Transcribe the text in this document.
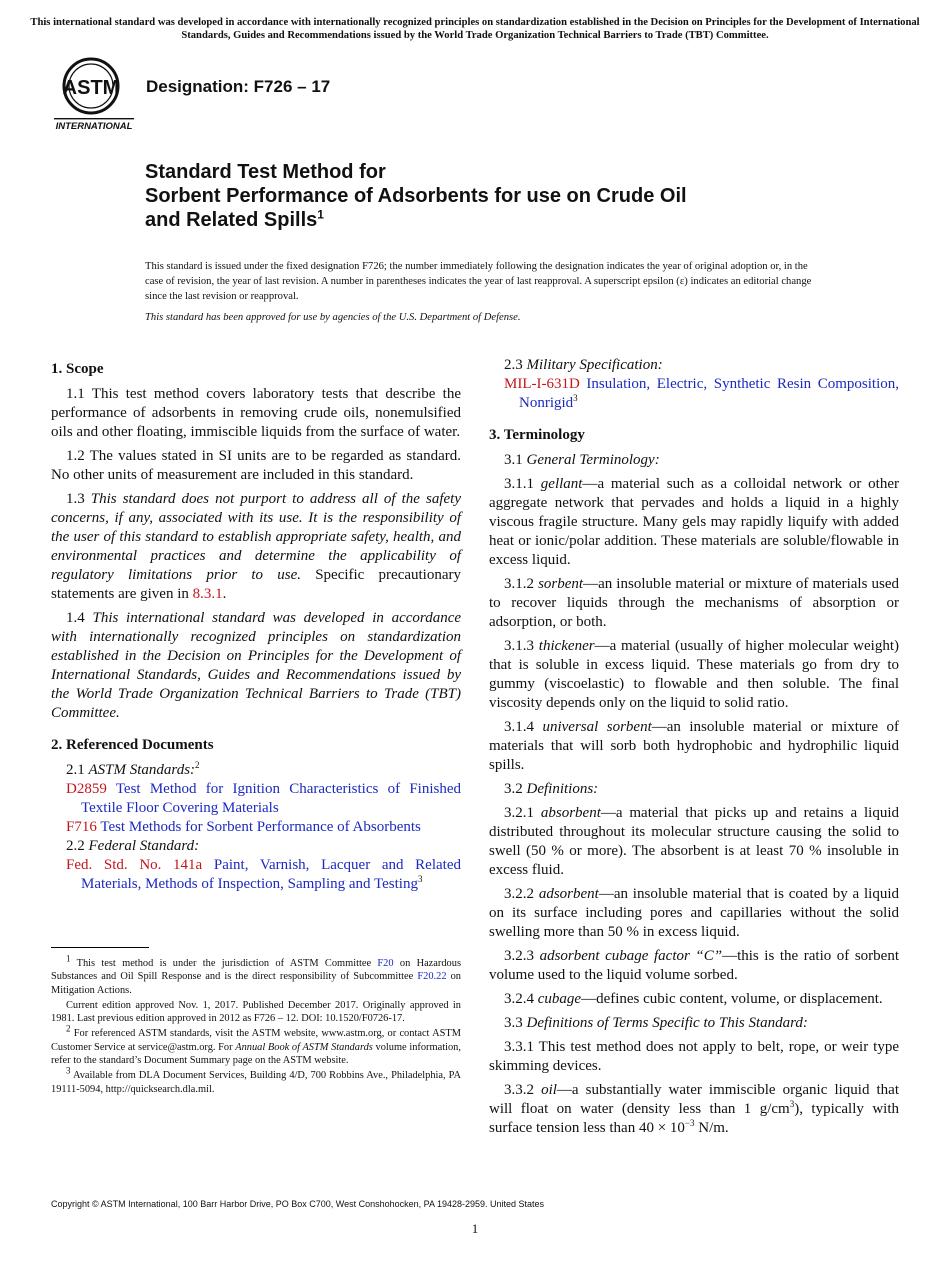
This international standard was developed in accordance with internationally recognized principles on standardization established in the Decision on Principles for the Development of International Standards, Guides and Recommendations issued by the World Trade Organization Technical Barriers to Trade (TBT) Committee.
ASTM
INTERNATIONAL
Designation: F726 – 17
Standard Test Method for
Sorbent Performance of Adsorbents for use on Crude Oil
and Related Spills$^1$
This standard is issued under the fixed designation F726; the number immediately following the designation indicates the year of original adoption or, in the case of revision, the year of last revision. A number in parentheses indicates the year of last reapproval. A superscript epsilon (ε) indicates an editorial change since the last revision or reapproval.
This standard has been approved for use by agencies of the U.S. Department of Defense.
1. Scope

1.1 This test method covers laboratory tests that describe the performance of adsorbents in removing crude oils, nonemulsified oils and other floating, immiscible liquids from the surface of water.

1.2 The values stated in SI units are to be regarded as standard. No other units of measurement are included in this standard.

1.3 This standard does not purport to address all of the safety concerns, if any, associated with its use. It is the responsibility of the user of this standard to establish appropriate safety, health, and environmental practices and determine the applicability of regulatory limitations prior to use. Specific precautionary statements are given in 8.3.1.

1.4 This international standard was developed in accordance with internationally recognized principles on standardization established in the Decision on Principles for the Development of International Standards, Guides and Recommendations issued by the World Trade Organization Technical Barriers to Trade (TBT) Committee.

2. Referenced Documents
2.1 ASTM Standards:$^2$
D2859 Test Method for Ignition Characteristics of Finished Textile Floor Covering Materials
F716 Test Methods for Sorbent Performance of Absorbents
2.2 Federal Standard:
Fed. Std. No. 141a Paint, Varnish, Lacquer and Related Materials, Methods of Inspection, Sampling and Testing$^3$

$^1$ This test method is under the jurisdiction of ASTM Committee F20 on Hazardous Substances and Oil Spill Response and is the direct responsibility of Subcommittee F20.22 on Mitigation Actions.

Current edition approved Nov. 1, 2017. Published December 2017. Originally approved in 1981. Last previous edition approved in 2012 as F726 – 12. DOI: 10.1520/F0726-17.

$^2$ For referenced ASTM standards, visit the ASTM website, www.astm.org, or contact ASTM Customer Service at service@astm.org. For Annual Book of ASTM Standards volume information, refer to the standard’s Document Summary page on the ASTM website.

$^3$ Available from DLA Document Services, Building 4/D, 700 Robbins Ave., Philadelphia, PA 19111-5094, http://quicksearch.dla.mil.

2.3 Military Specification:
MIL-I-631D Insulation, Electric, Synthetic Resin Composition, Nonrigid$^3$
3. Terminology

3.1 General Terminology:

3.1.1 gellant—a material such as a colloidal network or other aggregate network that pervades and holds a liquid in a highly viscous fragile structure. Many gels may rapidly liquify with added heat or ionic/polar addition. These materials are soluble/flowable in excess liquid.

3.1.2 sorbent—an insoluble material or mixture of materials used to recover liquids through the mechanisms of absorption or adsorption, or both.

3.1.3 thickener—a material (usually of higher molecular weight) that is soluble in excess liquid. These materials go from dry to gummy (viscoelastic) to flowable and then soluble. The final viscosity depends only on the liquid to solid ratio.

3.1.4 universal sorbent—an insoluble material or mixture of materials that will sorb both hydrophobic and hydrophilic liquid spills.

3.2 Definitions:

3.2.1 absorbent—a material that picks up and retains a liquid distributed throughout its molecular structure causing the solid to swell (50 % or more). The absorbent is at least 70 % insoluble in excess fluid.

3.2.2 adsorbent—an insoluble material that is coated by a liquid on its surface including pores and capillaries without the solid swelling more than 50 % in excess liquid.

3.2.3 adsorbent cubage factor “C”—this is the ratio of sorbent volume used to the liquid volume sorbed.

3.2.4 cubage—defines cubic content, volume, or displacement.

3.3 Definitions of Terms Specific to This Standard:

3.3.1 This test method does not apply to belt, rope, or weir type skimming devices.

3.3.2 oil—a substantially water immiscible organic liquid that will float on water (density less than 1 $g/cm^3$), typically with surface tension less than $40 \times 10^{-3}$ N/m.

Copyright © ASTM International, 100 Barr Harbor Drive, PO Box C700, West Conshohocken, PA 19428-2959. United States
1
